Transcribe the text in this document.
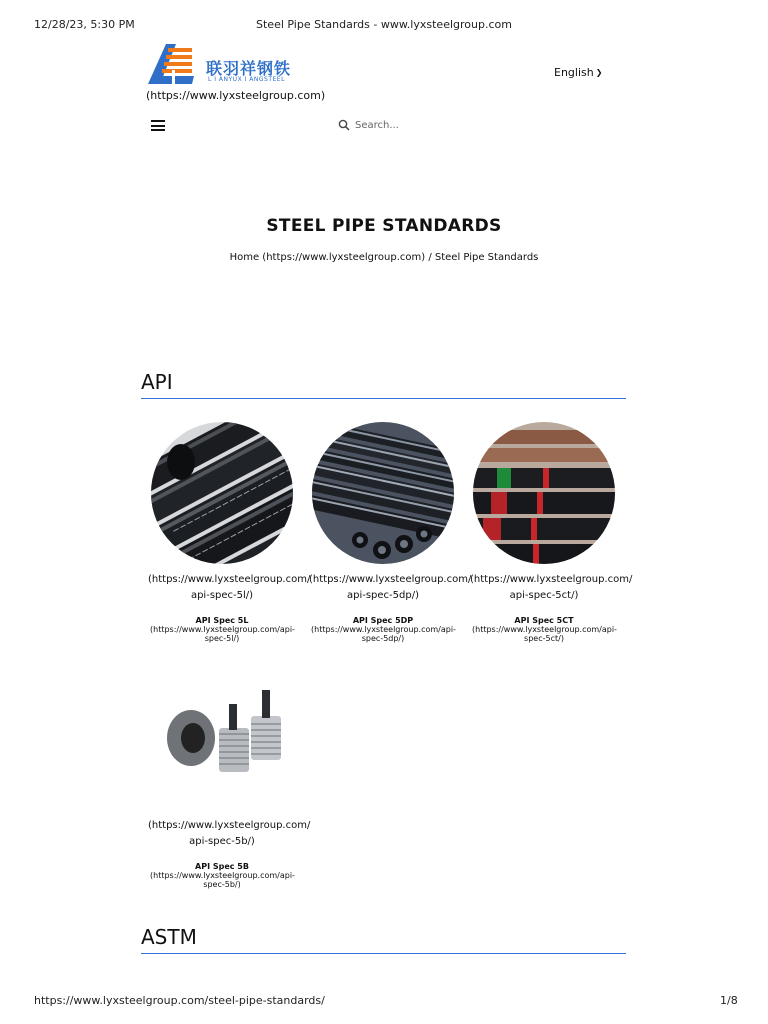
12/28/23, 5:30 PM	Steel Pipe Standards - www.lyxsteelgroup.com
联羽祥钢铁
L I ANYUX I ANGSTEEL
(https://www.lyxsteelgroup.com)
English ❯
Search...
STEEL PIPE STANDARDS
Home (https://www.lyxsteelgroup.com) / Steel Pipe Standards
API
(https://www.lyxsteelgroup.com/ api-spec-5l/)
API Spec 5L
(https://www.lyxsteelgroup.com/api- spec-5l/)
(https://www.lyxsteelgroup.com/ api-spec-5dp/)
API Spec 5DP
(https://www.lyxsteelgroup.com/api- spec-5dp/)
(https://www.lyxsteelgroup.com/ api-spec-5ct/)
API Spec 5CT
(https://www.lyxsteelgroup.com/api- spec-5ct/)
(https://www.lyxsteelgroup.com/ api-spec-5b/)
API Spec 5B
(https://www.lyxsteelgroup.com/api- spec-5b/)
ASTM
https://www.lyxsteelgroup.com/steel-pipe-standards/	1/8
